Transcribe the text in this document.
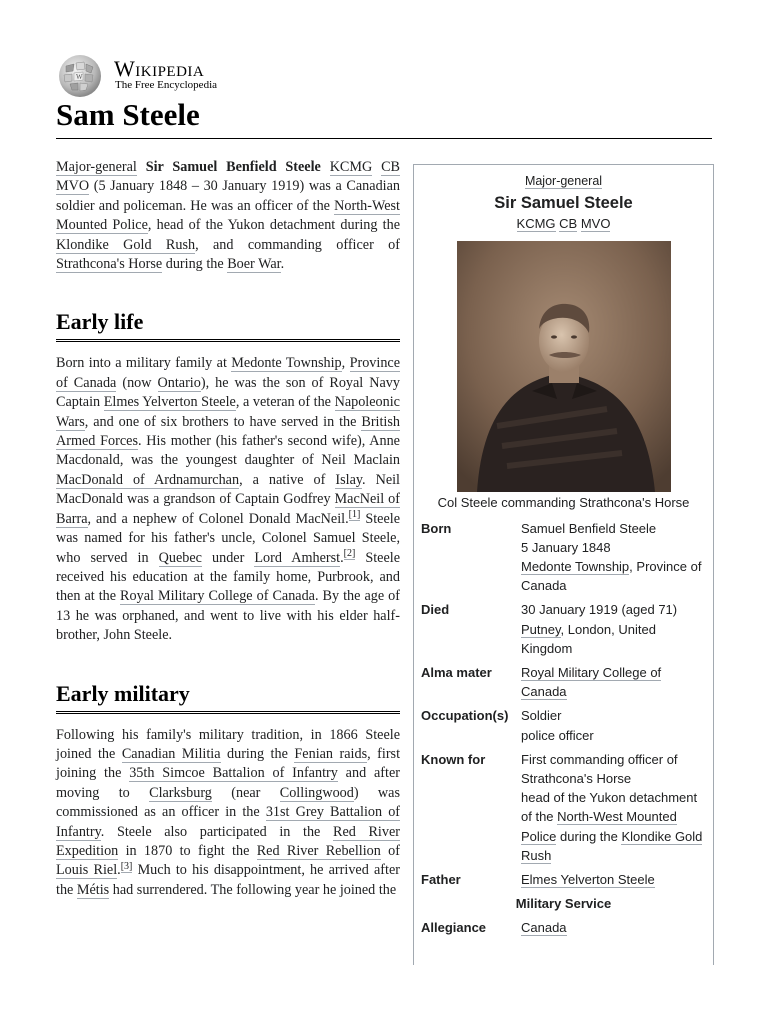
W Wikipedia
The Free Encyclopedia
Sam Steele

Major-general Sir Samuel Benfield Steele KCMG CB MVO (5 January 1848 – 30 January 1919) was a Canadian soldier and policeman. He was an officer of the North-West Mounted Police, head of the Yukon detachment during the Klondike Gold Rush, and commanding officer of Strathcona's Horse during the Boer War.

Early life

Born into a military family at Medonte Township, Province of Canada (now Ontario), he was the son of Royal Navy Captain Elmes Yelverton Steele, a veteran of the Napoleonic Wars, and one of six brothers to have served in the British Armed Forces. His mother (his father's second wife), Anne Macdonald, was the youngest daughter of Neil Maclain MacDonald of Ardnamurchan, a native of Islay. Neil MacDonald was a grandson of Captain Godfrey MacNeil of Barra, and a nephew of Colonel Donald MacNeil.[1] Steele was named for his father's uncle, Colonel Samuel Steele, who served in Quebec under Lord Amherst.[2] Steele received his education at the family home, Purbrook, and then at the Royal Military College of Canada. By the age of 13 he was orphaned, and went to live with his elder half-brother, John Steele.

Early military

Following his family's military tradition, in 1866 Steele joined the Canadian Militia during the Fenian raids, first joining the 35th Simcoe Battalion of Infantry and after moving to Clarksburg (near Collingwood) was commissioned as an officer in the 31st Grey Battalion of Infantry. Steele also participated in the Red River Expedition in 1870 to fight the Red River Rebellion of Louis Riel.[3] Much to his disappointment, he arrived after the Métis had surrendered. The following year he joined the

Major-general
Sir Samuel Steele
KCMG CB MVO
Col Steele commanding Strathcona's Horse
Born	Samuel Benfield Steele
5 January 1848
Medonte Township, Province of Canada
Died	30 January 1919 (aged 71)
Putney, London, United Kingdom
Alma mater	Royal Military College of Canada
Occupation(s) Soldier
police officer
Known for	First commanding officer of Strathcona's Horse
head of the Yukon detachment of the North-West Mounted Police during the Klondike Gold Rush
Father	Elmes Yelverton Steele
Military Service
Allegiance	Canada
